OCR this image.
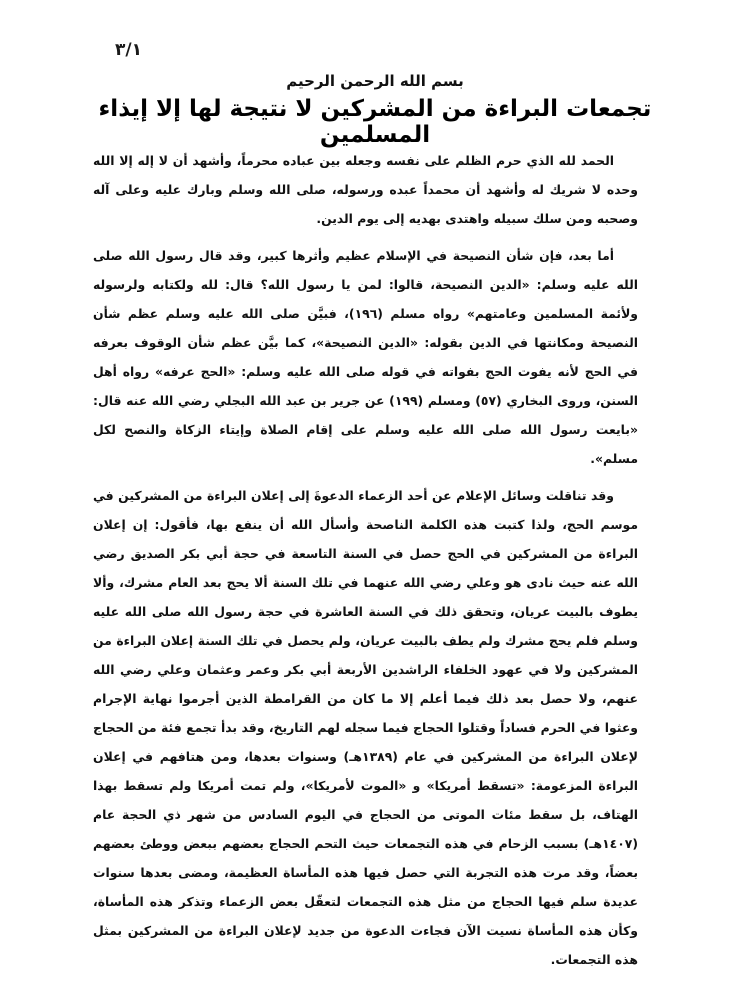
٣/١
بسم الله الرحمن الرحيم
تجمعات البراءة من المشركين لا نتيجة لها إلا إيذاء المسلمين

الحمد لله الذي حرم الظلم على نفسه وجعله بين عباده محرماً، وأشهد أن لا إله إلا الله وحده لا شريك له وأشهد أن محمداً عبده ورسوله، صلى الله وسلم وبارك عليه وعلى آله وصحبه ومن سلك سبيله واهتدى بهديه إلى يوم الدين.

أما بعد، فإن شأن النصيحة في الإسلام عظيم وأثرها كبير، وقد قال رسول الله صلى الله عليه وسلم: «الدين النصيحة، قالوا: لمن يا رسول الله؟ قال: لله ولكتابه ولرسوله ولأئمة المسلمين وعامتهم» رواه مسلم (١٩٦)، فبيَّن صلى الله عليه وسلم عظم شأن النصيحة ومكانتها في الدين بقوله: «الدين النصيحة»، كما بيَّن عظم شأن الوقوف بعرفه في الحج لأنه يفوت الحج بفواته في قوله صلى الله عليه وسلم: «الحج عرفه» رواه أهل السنن، وروى البخاري (٥٧) ومسلم (١٩٩) عن جرير بن عبد الله البجلي رضي الله عنه قال: «بايعت رسول الله صلى الله عليه وسلم على إقام الصلاة وإيتاء الزكاة والنصح لكل مسلم».

وقد تناقلت وسائل الإعلام عن أحد الزعماء الدعوةَ إلى إعلان البراءة من المشركين في موسم الحج، ولذا كتبت هذه الكلمة الناصحة وأسأل الله أن ينفع بها، فأقول: إن إعلان البراءة من المشركين في الحج حصل في السنة التاسعة في حجة أبي بكر الصديق رضي الله عنه حيث نادى هو وعلي رضي الله عنهما في تلك السنة ألا يحج بعد العام مشرك، وألا يطوف بالبيت عريان، وتحقق ذلك في السنة العاشرة في حجة رسول الله صلى الله عليه وسلم فلم يحج مشرك ولم يطف بالبيت عريان، ولم يحصل في تلك السنة إعلان البراءة من المشركين ولا في عهود الخلفاء الراشدين الأربعة أبي بكر وعمر وعثمان وعلي رضي الله عنهم، ولا حصل بعد ذلك فيما أعلم إلا ما كان من القرامطة الذين أجرموا نهاية الإجرام وعثوا في الحرم فساداً وقتلوا الحجاج فيما سجله لهم التاريخ، وقد بدأ تجمع فئة من الحجاج لإعلان البراءة من المشركين في عام (١٣٨٩هـ) وسنوات بعدها، ومن هتافهم في إعلان البراءة المزعومة: «تسقط أمريكا» و «الموت لأمريكا»، ولم تمت أمريكا ولم تسقط بهذا الهتاف، بل سقط مئات الموتى من الحجاج في اليوم السادس من شهر ذي الحجة عام (١٤٠٧هـ) بسبب الزحام في هذه التجمعات حيث التحم الحجاج بعضهم ببعض ووطئ بعضهم بعضاً، وقد مرت هذه التجربة التي حصل فيها هذه المأساة العظيمة، ومضى بعدها سنوات عديدة سلم فيها الحجاج من مثل هذه التجمعات لتعقّل بعض الزعماء وتذكر هذه المأساة، وكأن هذه المأساة نسيت الآن فجاءت الدعوة من جديد لإعلان البراءة من المشركين بمثل هذه التجمعات.
